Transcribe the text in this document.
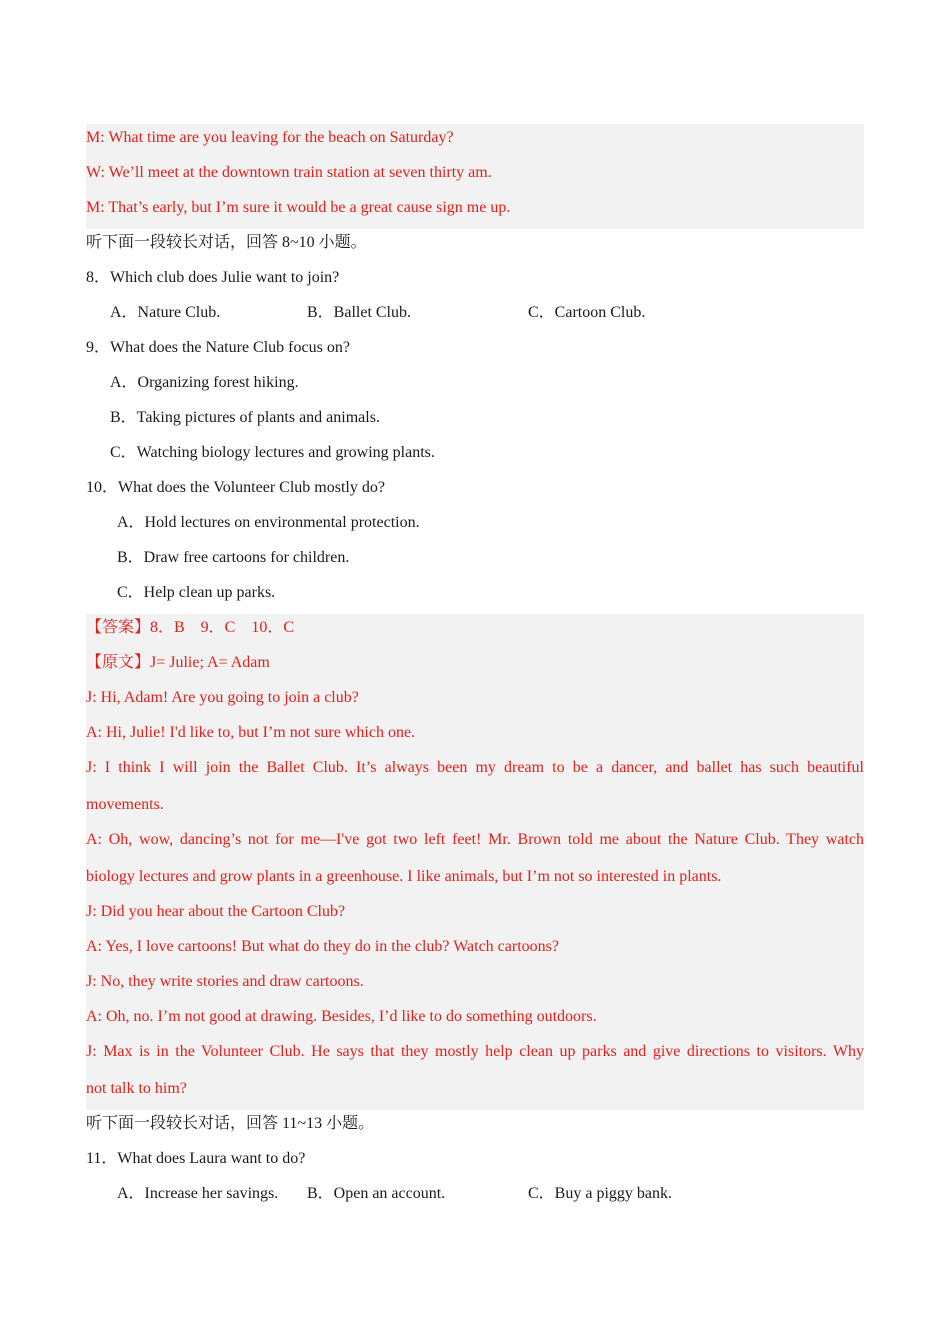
M: What time are you leaving for the beach on Saturday?
W: We’ll meet at the downtown train station at seven thirty am.
M: That’s early, but I’m sure it would be a great cause sign me up.
听下面一段较长对话，回答 8~10 小题。
8．Which club does Julie want to join?
A．Nature Club.	B．Ballet Club.	C．Cartoon Club.
9．What does the Nature Club focus on?
A．Organizing forest hiking.
B．Taking pictures of plants and animals.
C．Watching biology lectures and growing plants.
10．What does the Volunteer Club mostly do?
A．Hold lectures on environmental protection.
B．Draw free cartoons for children.
C．Help clean up parks.
【答案】8．B　9．C　10．C
【原文】J= Julie; A= Adam
J: Hi, Adam! Are you going to join a club?
A: Hi, Julie! I'd like to, but I’m not sure which one.
J: I think I will join the Ballet Club. It’s always been my dream to be a dancer, and ballet has such beautiful
movements.
A: Oh, wow, dancing’s not for me—I've got two left feet! Mr. Brown told me about the Nature Club. They watch
biology lectures and grow plants in a greenhouse. I like animals, but I’m not so interested in plants.
J: Did you hear about the Cartoon Club?
A: Yes, I love cartoons! But what do they do in the club? Watch cartoons?
J: No, they write stories and draw cartoons.
A: Oh, no. I’m not good at drawing. Besides, I’d like to do something outdoors.
J: Max is in the Volunteer Club. He says that they mostly help clean up parks and give directions to visitors. Why
not talk to him?
听下面一段较长对话，回答 11~13 小题。
11．What does Laura want to do?
A．Increase her savings. B．Open an account.	C．Buy a piggy bank.
